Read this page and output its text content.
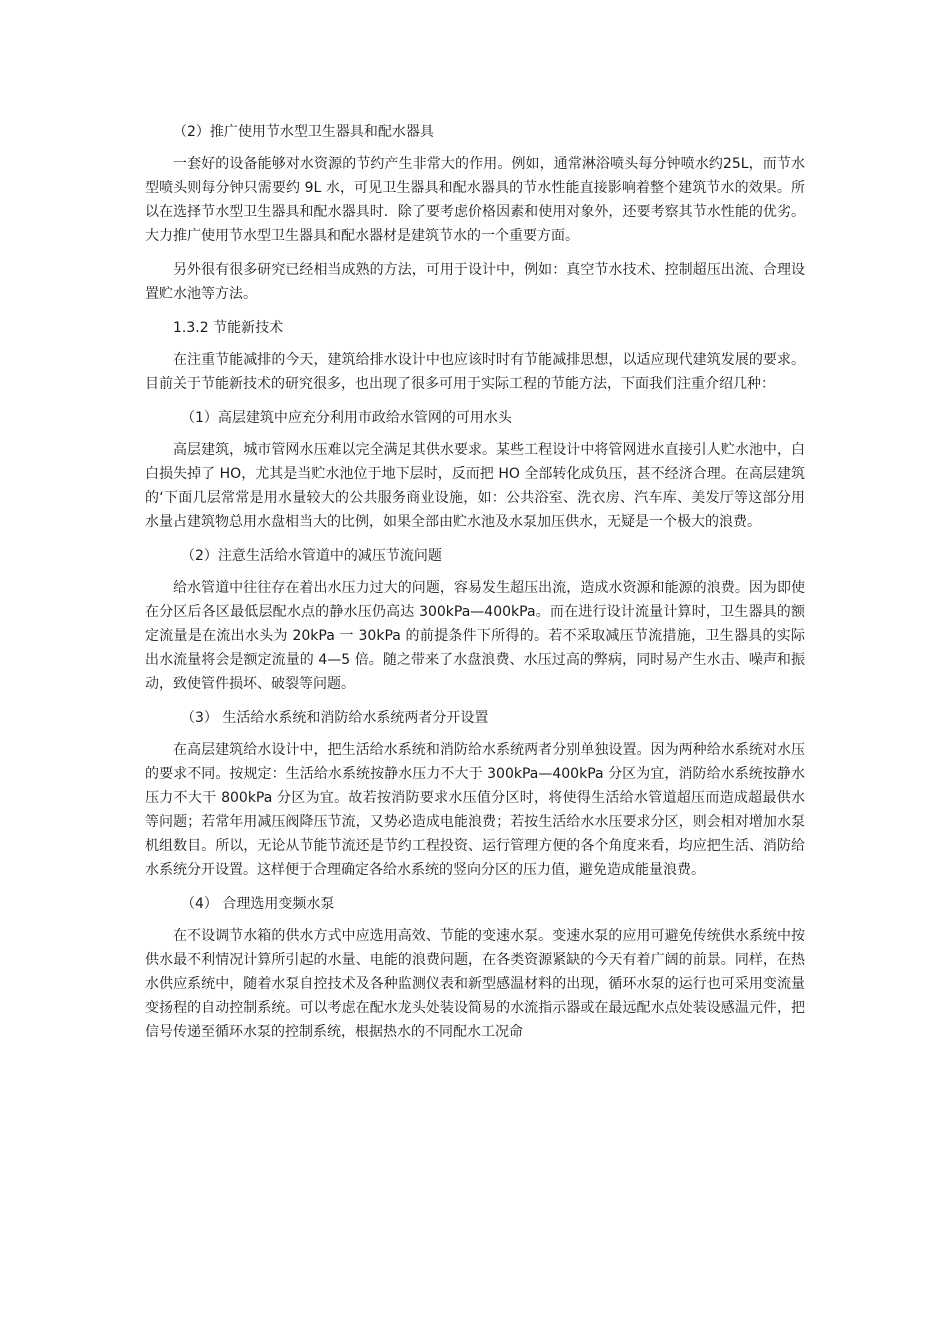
（2）推广使用节水型卫生器具和配水器具

一套好的设备能够对水资源的节约产生非常大的作用。例如，通常淋浴喷头每分钟喷水约25L，而节水型喷头则每分钟只需要约 9L 水，可见卫生器具和配水器具的节水性能直接影响着整个建筑节水的效果。所以在选择节水型卫生器具和配水器具时．除了要考虑价格因素和使用对象外，还要考察其节水性能的优劣。大力推广使用节水型卫生器具和配水器材是建筑节水的一个重要方面。

另外很有很多研究已经相当成熟的方法，可用于设计中，例如：真空节水技术、控制超压出流、合理设置贮水池等方法。

1.3.2 节能新技术

在注重节能减排的今天，建筑给排水设计中也应该时时有节能减排思想，以适应现代建筑发展的要求。目前关于节能新技术的研究很多，也出现了很多可用于实际工程的节能方法，下面我们注重介绍几种：

（1）高层建筑中应充分利用市政给水管网的可用水头

高层建筑，城市管网水压难以完全满足其供水要求。某些工程设计中将管网进水直接引人贮水池中，白白损失掉了 HO，尤其是当贮水池位于地下层时，反而把 HO 全部转化成负压，甚不经济合理。在高层建筑的‘下面几层常常是用水量较大的公共服务商业设施，如：公共浴室、洗衣房、汽车库、美发厅等这部分用水量占建筑物总用水盘相当大的比例，如果全部由贮水池及水泵加压供水，无疑是一个极大的浪费。

（2）注意生活给水管道中的减压节流问题

给水管道中往往存在着出水压力过大的问题，容易发生超压出流，造成水资源和能源的浪费。因为即使在分区后各区最低层配水点的静水压仍高达 300kPa—400kPa。而在进行设计流量计算时，卫生器具的额定流量是在流出水头为 20kPa 一 30kPa 的前提条件下所得的。若不采取减压节流措施，卫生器具的实际出水流量将会是额定流量的 4—5 倍。随之带来了水盘浪费、水压过高的弊病，同时易产生水击、噪声和振动，致使管件损坏、破裂等问题。

（3） 生活给水系统和消防给水系统两者分开设置

在高层建筑给水设计中，把生活给水系统和消防给水系统两者分别单独设置。因为两种给水系统对水压的要求不同。按规定：生活给水系统按静水压力不大于 300kPa—400kPa 分区为宜，消防给水系统按静水压力不大干 800kPa 分区为宜。故若按消防要求水压值分区时，将使得生活给水管道超压而造成超最供水等问题；若常年用减压阀降压节流，又势必造成电能浪费；若按生活给水水压要求分区，则会相对增加水泵机组数目。所以，无论从节能节流还是节约工程投资、运行管理方便的各个角度来看，均应把生活、消防给水系统分开设置。这样便于合理确定各给水系统的竖向分区的压力值，避免造成能量浪费。

（4） 合理选用变频水泵

在不设调节水箱的供水方式中应选用高效、节能的变速水泵。变速水泵的应用可避免传统供水系统中按供水最不利情况计算所引起的水量、电能的浪费问题，在各类资源紧缺的今天有着广阔的前景。同样，在热水供应系统中，随着水泵自控技术及各种监测仪表和新型感温材料的出现，循环水泵的运行也可采用变流量变扬程的自动控制系统。可以考虑在配水龙头处装设简易的水流指示器或在最远配水点处装设感温元件，把信号传递至循环水泵的控制系统，根据热水的不同配水工况命
